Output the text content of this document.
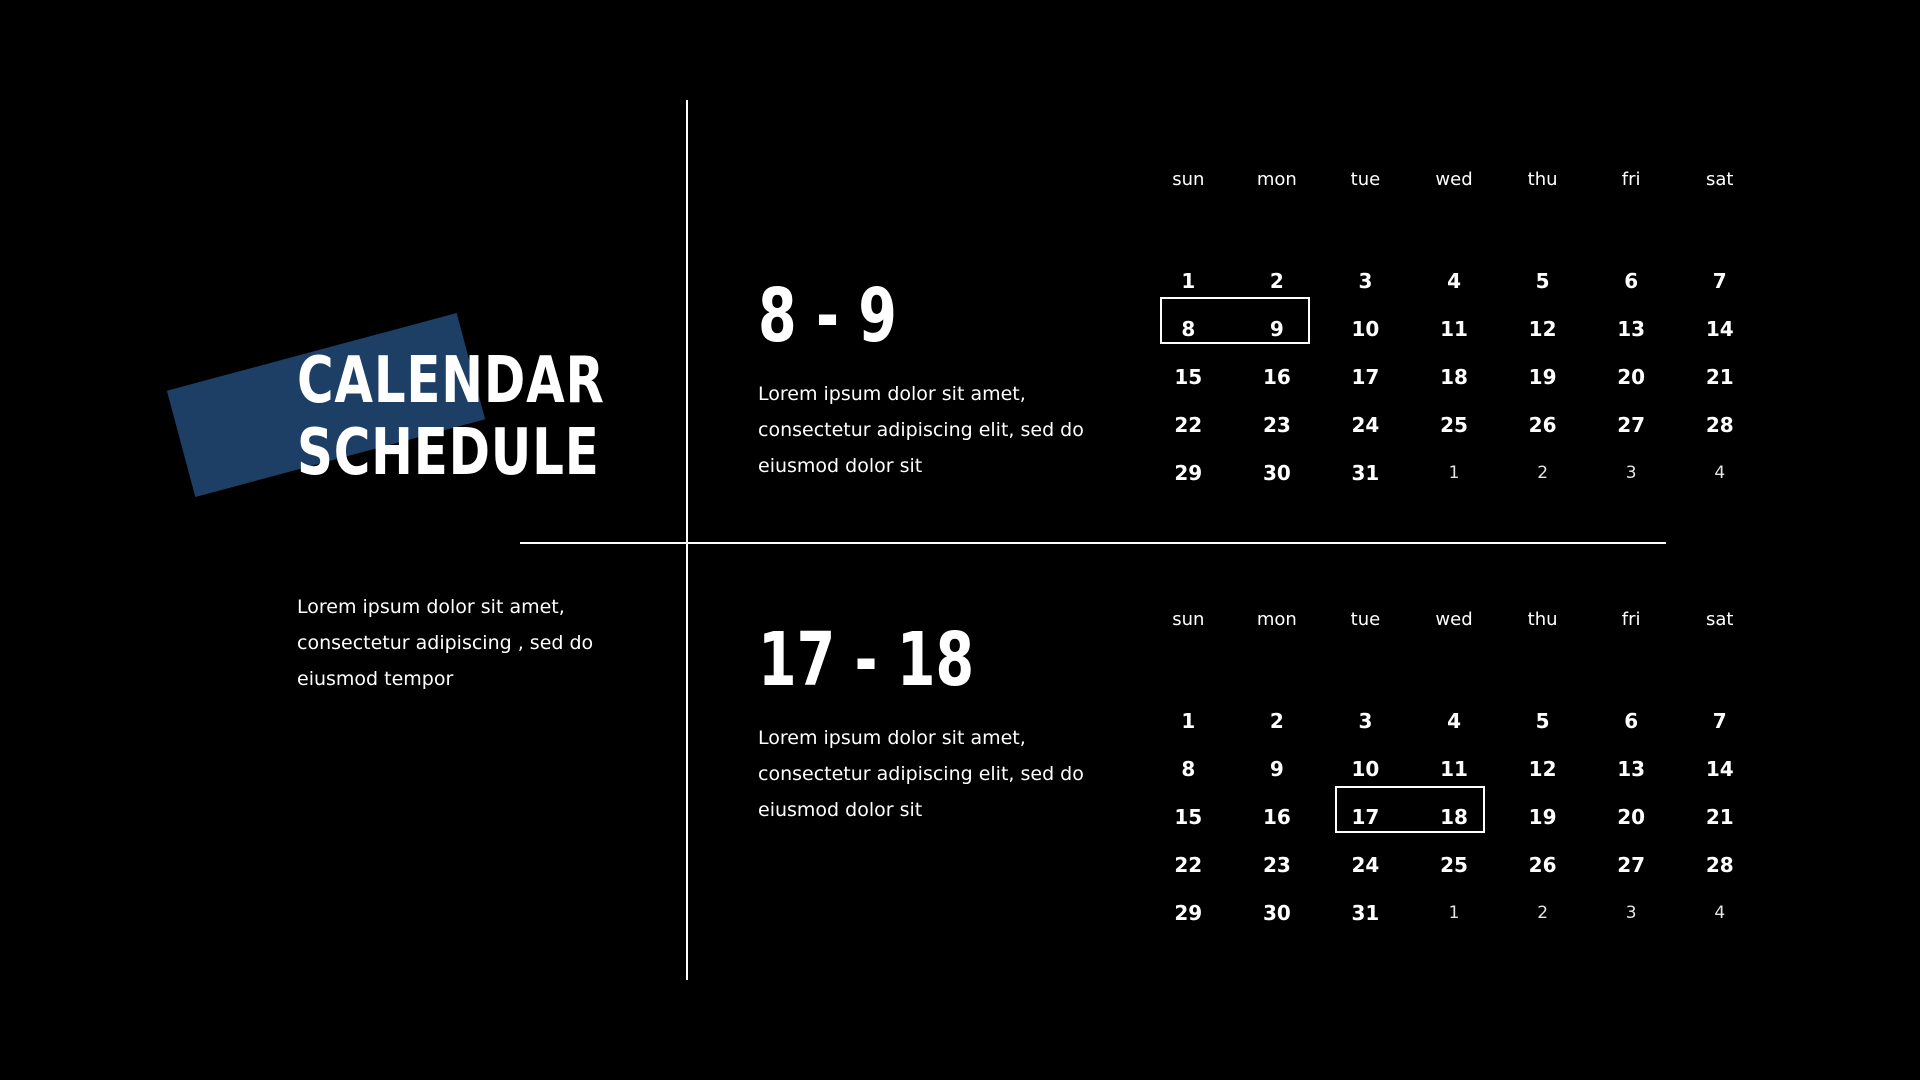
CALENDAR
SCHEDULE
Lorem ipsum dolor sit amet, consectetur adipiscing , sed do eiusmod tempor
8 - 9
Lorem ipsum dolor sit amet, consectetur adipiscing elit, sed do eiusmod dolor sit
sun	mon	tue	wed	thu	fri	sat
1	2	3	4	5	6	7
8	9	10	11	12	13	14
15	16	17	18	19	20	21
22	23	24	25	26	27	28
29	30	31	1	2	3	4
17 - 18
Lorem ipsum dolor sit amet, consectetur adipiscing elit, sed do eiusmod dolor sit
sun	mon	tue	wed	thu	fri	sat
1	2	3	4	5	6	7
8	9	10	11	12	13	14
15	16	17	18	19	20	21
22	23	24	25	26	27	28
29	30	31	1	2	3	4
